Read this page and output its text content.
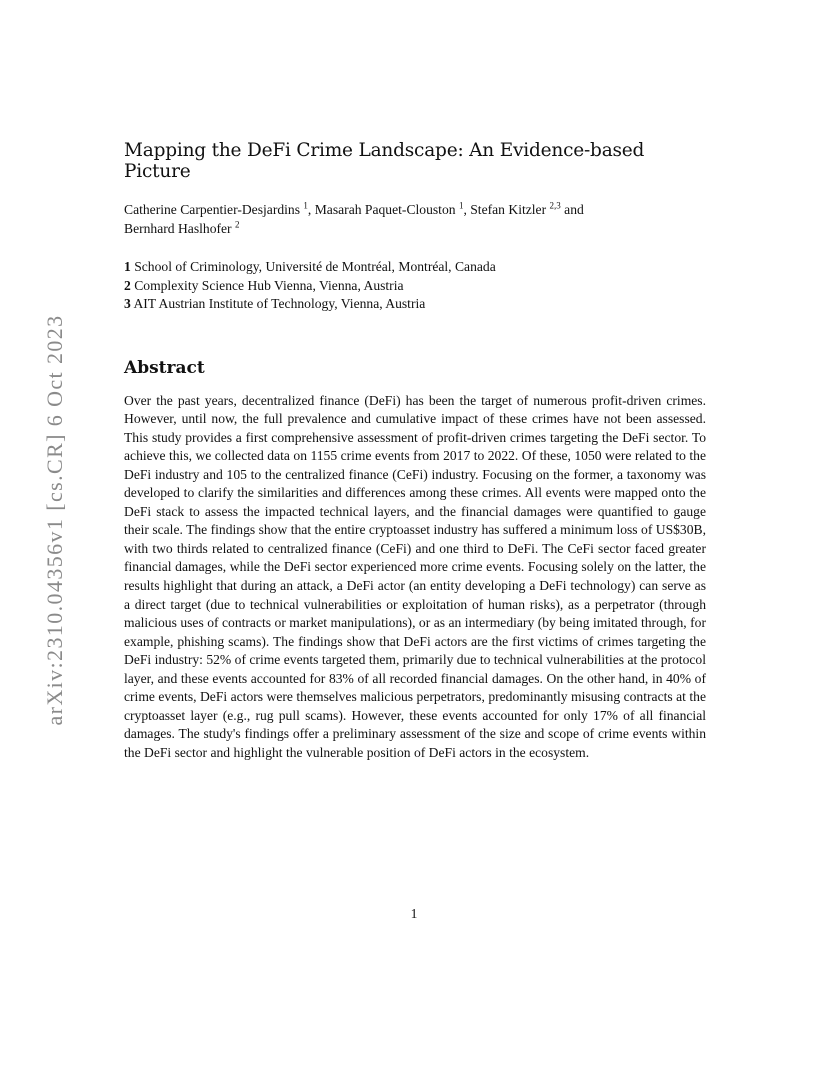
arXiv:2310.04356v1 [cs.CR] 6 Oct 2023
Mapping the DeFi Crime Landscape: An Evidence-based Picture
Catherine Carpentier-Desjardins $^1$, Masarah Paquet-Clouston $^1$, Stefan Kitzler $^{2,3}$ and
Bernhard Haslhofer $^2$
1 School of Criminology, Université de Montréal, Montréal, Canada
2 Complexity Science Hub Vienna, Vienna, Austria
3 AIT Austrian Institute of Technology, Vienna, Austria
Abstract

Over the past years, decentralized finance (DeFi) has been the target of numerous profit-driven crimes. However, until now, the full prevalence and cumulative impact of these crimes have not been assessed. This study provides a first comprehensive assessment of profit-driven crimes targeting the DeFi sector. To achieve this, we collected data on 1155 crime events from 2017 to 2022. Of these, 1050 were related to the DeFi industry and 105 to the centralized finance (CeFi) industry. Focusing on the former, a taxonomy was developed to clarify the similarities and differences among these crimes. All events were mapped onto the DeFi stack to assess the impacted technical layers, and the financial damages were quantified to gauge their scale. The findings show that the entire cryptoasset industry has suffered a minimum loss of US$30B, with two thirds related to centralized finance (CeFi) and one third to DeFi. The CeFi sector faced greater financial damages, while the DeFi sector experienced more crime events. Focusing solely on the latter, the results highlight that during an attack, a DeFi actor (an entity developing a DeFi technology) can serve as a direct target (due to technical vulnerabilities or exploitation of human risks), as a perpetrator (through malicious uses of contracts or market manipulations), or as an intermediary (by being imitated through, for example, phishing scams). The findings show that DeFi actors are the first victims of crimes targeting the DeFi industry: 52% of crime events targeted them, primarily due to technical vulnerabilities at the protocol layer, and these events accounted for 83% of all recorded financial damages. On the other hand, in 40% of crime events, DeFi actors were themselves malicious perpetrators, predominantly misusing contracts at the cryptoasset layer (e.g., rug pull scams). However, these events accounted for only 17% of all financial damages. The study's findings offer a preliminary assessment of the size and scope of crime events within the DeFi sector and highlight the vulnerable position of DeFi actors in the ecosystem.

1
